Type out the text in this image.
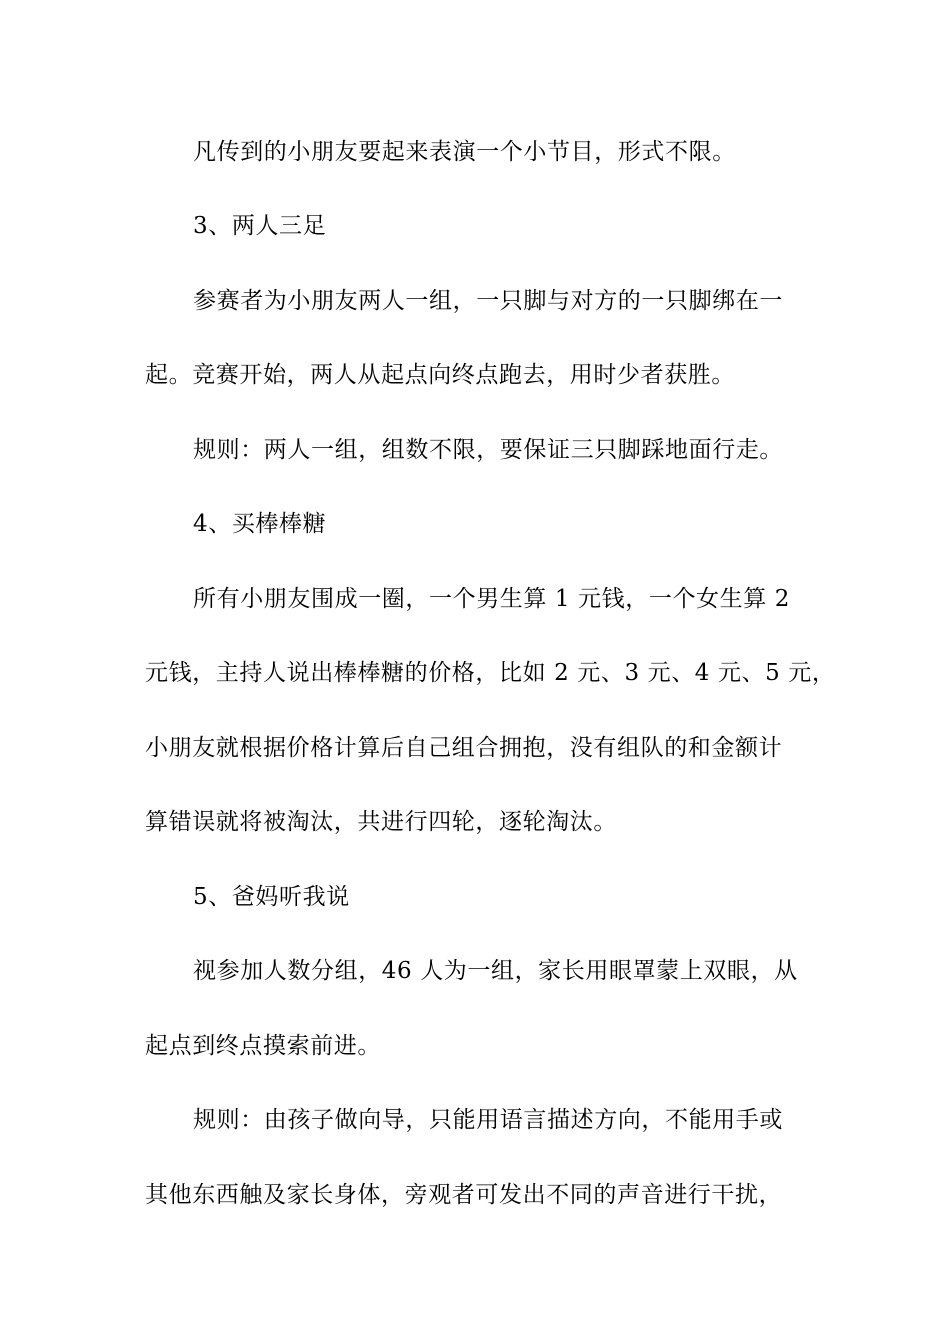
凡传到的小朋友要起来表演一个小节目，形式不限。
3、两人三足
参赛者为小朋友两人一组，一只脚与对方的一只脚绑在一
起。竞赛开始，两人从起点向终点跑去，用时少者获胜。
规则：两人一组，组数不限，要保证三只脚踩地面行走。
4、买棒棒糖
所有小朋友围成一圈，一个男生算 1 元钱，一个女生算 2
元钱，主持人说出棒棒糖的价格，比如 2 元、3 元、4 元、5 元，
小朋友就根据价格计算后自己组合拥抱，没有组队的和金额计
算错误就将被淘汰，共进行四轮，逐轮淘汰。
5、爸妈听我说
视参加人数分组，46 人为一组，家长用眼罩蒙上双眼，从
起点到终点摸索前进。
规则：由孩子做向导，只能用语言描述方向，不能用手或
其他东西触及家长身体，旁观者可发出不同的声音进行干扰，
